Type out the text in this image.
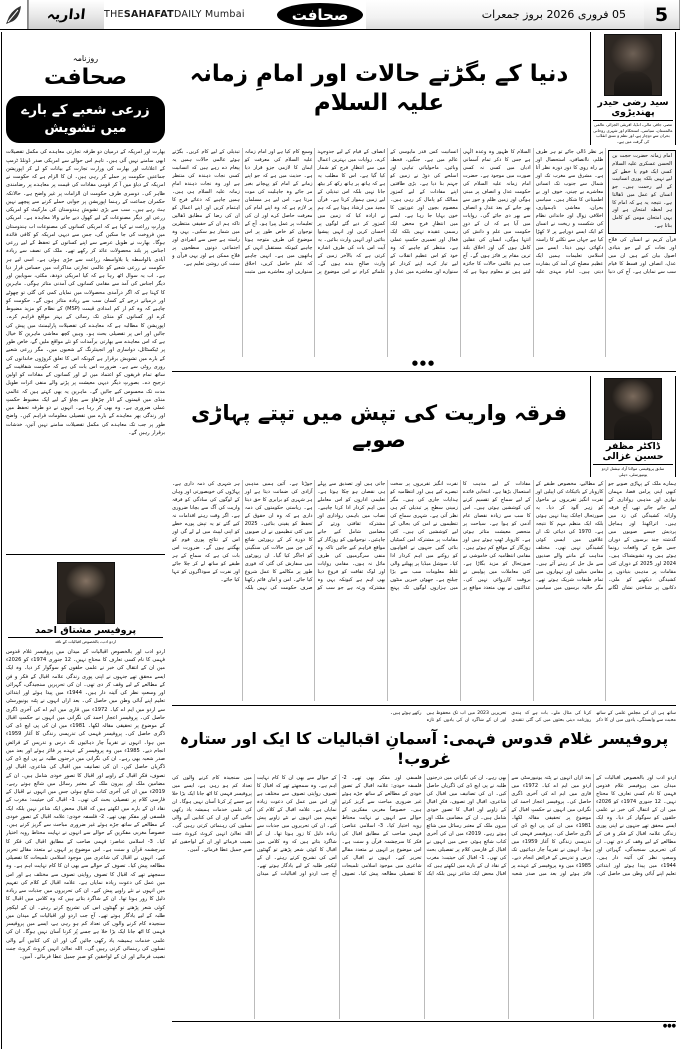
اداریہ THE SAHAFAT DAILY Mumbai	صحافت	05 فروری 2026 بروز جمعرات	5
سید رضی حیدر پھندیڑوی
مصر، جافر، مالی، انڈیا، افریقی الجزائر، عالمی عالمستان، سیاسی، استحکام اور شہری روحانی بحران سے دوچار ہے، اور نظم و نسق انقلاب کی گرفت میں ہے۔
دنیا کے بگڑتے حالات اور امامِ زمانہ علیہ السلام
امام زمانہ حضرت حجت بن الحسن عسکری علیہ السلام کسی ایک قوم یا خطے کے لیے نہیں بلکہ پوری انسانیت کے لیے رحمت ہیں۔ جو انسان کو عمل میں ڈھالتا ہے۔ نتیجہ یہ ہے کہ امام کا ہر لحظہ امتحان ہے اور یہی امتحان مومن کو کامل بناتا ہے۔
قرآن کریم نے انسان کی فلاح اور نجات کے لیے جو بنیادی اصول بیان کیے ہیں ان میں عدل، انصاف اور قسط کا قیام سب سے نمایاں ہے۔ آج کی دنیا پر نظر ڈالی جائے تو ہر طرف ظلم، ناانصافی، استحصال اور بے راہ روی کا دور دورہ نظر آتا ہے۔ مشرق سے مغرب تک اور شمال سے جنوب تک انسانی معاشرے بے چینی، خوف اور بے اطمینانی کا شکار ہیں۔ سیاسی بحران، معاشی ناہمواری، اخلاقی زوال اور خاندانی نظام کی شکست و ریخت نے انسان کو ایک ایسے دوراہے پر لا کھڑا کیا ہے جہاں سے نکلنے کا راستہ دکھائی نہیں دیتا۔ ایسے میں اسلامی تعلیمات ہمیں ایک عظیم مصلح کی آمد کی بشارت دیتی ہیں۔ امام مہدی علیہ السلام کا ظہور وہ وعدہ الٰہی ہے جس کا ذکر تمام آسمانی ادیان میں کسی نہ کسی صورت میں موجود ہے۔ حضرت امام زمانہ علیہ السلام کی حکومت عدل و انصاف پر مبنی ہوگی اور زمین ظلم و جور سے بھر جانے کے بعد عدل و انصاف سے بھر دی جائے گی۔ روایات میں آیا ہے کہ ان کے دورِ حکومت میں علم و دانش کی انتہا ہوگی، انسان کی عقلیں کامل ہوں گی اور اخلاق بلند ترین مقام پر فائز ہوں گے۔ آج جب ہم عالمی حالات کا جائزہ لیتے ہیں تو معلوم ہوتا ہے کہ انسانیت کس قدر مایوسی کے عالم میں ہے۔ جنگیں، قحط، وبائیں، ماحولیاتی تباہی اور اسلحے کی دوڑ نے زمین کو جہنم بنا دیا ہے۔ بڑی طاقتیں اپنے مفادات کے لیے کمزور ممالک کو پامال کر رہی ہیں۔ معصوم بچوں اور عورتوں کا خون بہایا جا رہا ہے۔ ایسے میں انتظارِ فرج محض ایک رسمی عقیدہ نہیں بلکہ ایک فعال اور تعمیری حکمتِ عملی ہے۔ منتظر کو چاہیے کہ وہ خود کو اس عظیم انقلاب کے لیے تیار کرے، اپنے کردار کو سنوارے اور معاشرے میں عدل و انصاف کے قیام کے لیے جدوجہد کرے۔ روایات میں بہترین اعمال میں سے انتظارِ فرج کو شمار کیا گیا ہے۔ اس کا مطلب یہ ہے کہ ہاتھ پر ہاتھ رکھ کر بیٹھ جانا نہیں بلکہ اس تبدیلی کے لیے زمین ہموار کرنا ہے۔ قرآن مجید میں ارشاد ہوتا ہے کہ ہم نے ارادہ کیا کہ زمین میں کمزور کر دیے گئے لوگوں پر احسان کریں اور انہیں پیشوا بنائیں اور انہیں وارث بنائیں۔ یہ آیت اس بات کی طرف اشارہ کرتی ہے کہ بالآخر زمین کے وارث صالح بندے ہوں گے۔ علمائے کرام نے اس موضوع پر وسیع کام کیا ہے اور امام زمانہ علیہ السلام کی معرفت کو ایمان کا لازمی جزو قرار دیا ہے۔ حدیث میں ہے کہ جو اپنے زمانے کے امام کو پہچانے بغیر مر جائے وہ جاہلیت کی موت مرتا ہے۔ اس لیے ہر مسلمان پر لازم ہے کہ وہ اپنے امام کی معرفت حاصل کرے اور ان کی تعلیمات پر عمل پیرا ہو۔ آج کے نوجوان کو خاص طور پر اس موضوع کی طرف متوجہ ہونا چاہیے کیونکہ مستقبل انہی کے ہاتھوں میں ہے۔ انہیں چاہیے کہ علم حاصل کریں، اخلاق سنواریں اور معاشرے میں مثبت تبدیلی کے لیے کام کریں۔ بگڑتے ہوئے عالمی حالات ہمیں یہ پیغام دے رہے ہیں کہ انسانیت کسی نجات دہندہ کی منتظر ہے اور وہ نجات دہندہ امامِ زمانہ علیہ السلام ہی ہیں۔ ہمیں چاہیے کہ دعائے فرج کا اہتمام کریں اور اپنے اعمال کو ان کی رضا کے مطابق ڈھالیں تاکہ ہم ان کے حقیقی منتظرین میں شمار ہو سکیں۔ یہی وہ راستہ ہے جس سے انفرادی اور اجتماعی دونوں سطحوں پر فلاح ممکن ہے اور یہی قرآن و سنت کی روشن تعلیم ہے۔
●●●
ڈاکٹر مظفر حسین غزالی
سابق پروفیسر، مولانا آزاد نیشنل اردو یونیورسٹی، دہلی
فرقہ واریت کی تپش میں تپتے پہاڑی صوبے
ہمارے ملک کے پہاڑی صوبے جو کبھی اپنی پرامن فضا، مہمان نوازی اور مذہبی رواداری کے لیے جانے جاتے تھے، آج فرقہ وارانہ کشیدگی کی زد میں ہیں۔ اتراکھنڈ اور ہماچل پردیش جیسے صوبوں میں گذشتہ چند برسوں کے دوران جس طرح کے واقعات رونما ہوئے ہیں وہ تشویشناک ہیں۔ 2024 اور 2025 کے دوران کئی مقامات پر مذہبی بنیادوں پر کشیدگی دیکھنے کو ملی۔ دکانوں پر شناختی نشان لگانے کے مطالبے، مخصوص طبقے کے کاروبار کے بائیکاٹ کی اپیلیں اور نفرت انگیز تقریروں نے ماحول کو زہر آلود کر دیا۔ یہ صورتحال اچانک پیدا نہیں ہوئی بلکہ ایک منظم مہم کا نتیجہ ہے۔ 1970 کی دہائی تک ان علاقوں میں ایسی کوئی کشیدگی نہیں تھی۔ مختلف مذاہب کے ماننے والے صدیوں سے مل جل کر رہتے آئے ہیں۔ مقامی میلوں اور تہواروں میں تمام طبقات شریک ہوتے تھے۔ مگر حالیہ برسوں میں سیاسی مفادات کے لیے مذہب کا استعمال بڑھا ہے۔ انتخابی فائدے کے لیے سماج کو تقسیم کرنے کی کوششیں ہوئی ہیں۔ اس کا سب سے زیادہ نقصان عام آدمی کو ہوا ہے۔ سیاحت پر منحصر معیشت متاثر ہوئی ہے۔ کاروبار ٹھپ ہوئے ہیں اور روزگار کے مواقع کم ہوئے ہیں۔ مقامی انتظامیہ کی خاموشی نے صورتحال کو مزید بگاڑا ہے۔ کئی معاملات میں پولیس نے بروقت کارروائی نہیں کی۔ عدالتوں نے بھی متعدد مواقع پر نفرت انگیز تقریروں پر سخت تبصرے کیے ہیں اور انتظامیہ کو ہدایات جاری کی ہیں۔ مگر زمینی سطح پر تبدیلی کم ہی نظر آتی ہے۔ شہری سماج کی تنظیموں نے امن کی بحالی کے لیے کوششیں کی ہیں۔ کئی مقامات پر مشترکہ امن کمیٹیاں بنائی گئیں جنہوں نے افواہوں کو روکنے میں اہم کردار ادا کیا۔ سوشل میڈیا پر پھیلنے والی غلط معلومات سب سے بڑا چیلنج ہے۔ جھوٹی خبریں منٹوں میں ہزاروں لوگوں تک پہنچ جاتی ہیں اور تصدیق سے پہلے ہی نقصان ہو چکا ہوتا ہے۔ تعلیمی اداروں کو اس معاملے میں اہم کردار ادا کرنا چاہیے۔ نصاب میں باہمی رواداری اور مشترکہ ثقافتی ورثے کے مضامین شامل کیے جانے چاہئیں۔ نوجوانوں کو روزگار کے مواقع فراہم کیے جائیں تاکہ وہ منفی سرگرمیوں کی طرف مائل نہ ہوں۔ مقامی روایات اور لوک ثقافت کو فروغ دینا بھی اہم ہے کیونکہ یہی وہ مشترکہ ورثہ ہے جو سب کو جوڑتا ہے۔ آئین ہمیں مذہبی آزادی کی ضمانت دیتا ہے اور ہر شہری کو برابری کا حق دیتا ہے۔ ریاستی حکومتوں کی ذمہ داری ہے کہ وہ ان حقوق کے تحفظ کو یقینی بنائیں۔ 2025 میں کئی تنظیموں نے ان صوبوں کا دورہ کر کے رپورٹیں شائع کیں جن میں حالات کی سنگینی کو اجاگر کیا گیا۔ ان رپورٹوں میں سفارش کی گئی کہ فوری طور پر مکالمے کا عمل شروع کیا جائے۔ امن و امان قائم رکھنا صرف حکومت کی نہیں بلکہ ہر شہری کی ذمہ داری ہے۔ پہاڑوں کی خوبصورتی اور وہاں کے لوگوں کی سادگی کو فرقہ واریت کی آگ سے بچانا ضروری ہے۔ اگر وقت رہتے اقدامات نہ کیے گئے تو یہ تپش پورے خطے کو اپنی لپیٹ میں لے لے گی اور اس کے نتائج پوری قوم کو بھگتنے ہوں گے۔ ضرورت اس بات کی ہے کہ سماج کے ہر طبقے کو ساتھ لے کر چلا جائے اور نفرت کے سوداگروں کو تنہا کیا جائے۔
ساتھ ہی ان کی مجلسِ علمی کے ساتھ محبت سے وابستگی، یادوں میں ان کا ذکر کرنا کی مثال ملے۔ بات ہے کہ ہندی روزنامہ دینی بحثوں میں کی گئی تنقیدی تحریریں 2023 میں اب تک محفوظ ہیں اور ان کے شاگرد ان کی یادوں کو تازہ رکھے ہوئے ہیں۔
پروفیسر غلام قدوس فہمی: آسمانِ اقبالیات کا ایک اور ستارہ غروب!
اردو ادب اور بالخصوص اقبالیات کے میدان میں پروفیسر غلام قدوس فہمی کا نام کسی تعارف کا محتاج نہیں۔ 12 جنوری 1974ء کو 2026ء میں ان کے انتقال کی خبر نے علمی حلقوں کو سوگوار کر دیا۔ وہ ایک ایسے محقق تھے جنہوں نے اپنی پوری زندگی علامہ اقبال کے فکر و فن کے مطالعے کے لیے وقف کر دی تھی۔ ان کی تحریریں سنجیدگی، گہرائی اور وسعتِ نظر کی آئینہ دار ہیں۔ 1944ء میں پیدا ہوئے اور ابتدائی تعلیم اپنے آبائی وطن میں حاصل کی۔ بعد ازاں انہوں نے پٹنہ یونیورسٹی سے اردو میں ایم اے کیا۔ 1972ء میں قاری میں ایم اے کی آخری ڈگری حاصل کی۔ پروفیسر اعجاز احمد کی نگرانی میں انہوں نے حکمتِ اقبال کے موضوع پر تحقیقی مقالہ لکھا۔ 1981ء میں ان کی پی ایچ ڈی کی ڈگری حاصل کی۔ پروفیسر فہمی کی تدریسی زندگی کا آغاز 1959ء میں ہوا۔ انہوں نے تقریباً چار دہائیوں تک درس و تدریس کے فرائض انجام دیے۔ 1985ء میں وہ پروفیسر کے عہدے پر فائز ہوئے اور بعد میں صدر شعبہ بھی رہے۔ ان کی نگرانی میں درجنوں طلبہ نے پی ایچ ڈی کی ڈگریاں حاصل کیں۔ ان کی تصانیف میں اقبال کی شاعری، اقبال اور تصوف، فکرِ اقبال کے زاویے اور اقبال کا تصورِ خودی شامل ہیں۔ ان کے مضامین ملک اور بیرون ملک کے معتبر رسائل میں شائع ہوتے رہے۔ 2019ء میں ان کی آخری کتاب شائع ہوئی جس میں انہوں نے اقبال کے فارسی کلام پر تفصیلی بحث کی تھی۔ 1- اقبال کی حیثیت: مغرب کے نقاد ان کے بارے میں لکھتے ہیں کہ اقبال محض ایک شاعر نہیں بلکہ ایک فلسفی اور مفکر بھی تھے۔ 2- فلسفہ خودی: علامہ اقبال کے تصورِ خودی کے مطالعے کے ساتھ جڑے ہوئے غیر ضروری مباحث سے گریز کرتے ہیں۔ خصوصاً مغربی مفکرین کے حوالے سے انہوں نے نہایت محتاط رویہ اختیار کیا۔ 3- اسلامی عناصر: فہمی صاحب کے مطابق اقبال کی فکر کا سرچشمہ قرآن و سنت ہے۔ اس موضوع پر انہوں نے متعدد مقالے تحریر کیے۔ انہوں نے اقبال کی شاعری میں موجود اسلامی تلمیحات کا تفصیلی مطالعہ پیش کیا۔ تصوف کے حوالے سے بھی ان کا کام نہایت اہم ہے۔ وہ سمجھتے تھے کہ اقبال کا تصوف روایتی تصوف سے مختلف ہے اور اس میں عمل کی دعوت زیادہ نمایاں ہے۔ علامہ اقبال کے کلام کی تفہیم میں انہوں نے نئے زاویے پیش کیے۔ ان کی تحریروں میں جذبات سے زیادہ دلیل کا زور ہوتا تھا۔ ان کے شاگرد بتاتے ہیں کہ وہ کلاس میں اقبال کا کوئی شعر پڑھتے تو گھنٹوں اس کی تشریح کرتے رہتے۔ ان کے لیکچر طلبہ کے لیے یادگار ہوتے تھے۔ آج جب اردو اور اقبالیات کے میدان میں سنجیدہ کام کرنے والوں کی تعداد کم ہو رہی ہے، ایسے میں پروفیسر فہمی کا اٹھ جانا ایک بڑا خلا ہے جسے پُر کرنا آسان نہیں ہوگا۔ ان کی علمی خدمات ہمیشہ یاد رکھی جائیں گی اور ان کی کتابیں آنے والی نسلوں کی رہنمائی کرتی رہیں گی۔ اللہ تعالیٰ انہیں کروٹ کروٹ جنت نصیب فرمائے اور ان کے لواحقین کو صبرِ جمیل عطا فرمائے۔ آمین۔
●●●
روزنامہ
صحافت
زرعی شعبے کے بارے میں تشویش
بھارت اور امریکہ کے درمیان دو طرفہ تجارتی معاہدے کی مکمل تفصیلات ابھی سامنے نہیں آئی ہیں۔ تاہم اس حوالے سے امریکی صدر ڈونلڈ ٹرمپ کے اعلانات اور بھارت کی وزارت تجارت کے بیانات کو لے کر اپوزیشن جماعتیں حکومت پر حملے کر رہی ہیں۔ ان کا الزام ہے کہ حکومت نے امریکہ کے دباؤ میں آ کر قومی مفادات کی قیمت پر معاہدے پر رضامندی ظاہر کی۔ دوسری طرف حکومت ان الزامات پر غیر واضح ہے۔ حالانکہ حکمران جماعت کے رہنما اپوزیشن پر جوابی حملے کرنے سے پیچھے نہیں ہٹ رہے ہیں۔ سب سے بڑی تشویش ہندوستان کی مارکیٹ کو امریکی زرعی اور دیگر مصنوعات کے لیے کھول دیے جانے والا معاہدہ ہے۔ امریکی وزارتِ زراعت نے کہا ہے کہ امریکی کسانوں کی مصنوعات اب ہندوستان میں فروخت کی جا سکیں گی، جس سے دیہی امریکہ کو کافی فائدہ ہوگا۔ بھارت نے طویل عرصے سے اپنے کسانوں کے تحفظ کے لیے زرعی اجناس پر بلند محصولات عائد کر رکھے تھے۔ ملک کی نصف سے زیادہ آبادی بالواسطہ یا بلاواسطہ زراعت سے جڑی ہوئی ہے۔ اسی لیے ہر حکومت نے زرعی شعبے کو عالمی تجارتی مذاکرات میں حساس قرار دیا ہے۔ اب یہ سوال اٹھ رہا ہے کہ کیا امریکی دودھ، مکئی، سویابین اور دیگر اجناس کی آمد سے مقامی کسانوں کی آمدنی متاثر ہوگی۔ ماہرین کا کہنا ہے کہ اگر درآمدی محصولات میں نمایاں کمی کی گئی تو چھوٹے اور درمیانے درجے کے کسان سب سے زیادہ متاثر ہوں گے۔ حکومت کو چاہیے کہ وہ کم از کم امدادی قیمت (MSP) کے نظام کو مزید مضبوط کرے اور کسانوں کو منڈی تک رسائی کے بہتر مواقع فراہم کرے۔ اپوزیشن کا مطالبہ ہے کہ معاہدے کی تفصیلات پارلیمنٹ میں پیش کی جائیں اور اس پر تفصیلی بحث ہو۔ وہیں کچھ معاشی ماہرین کا خیال ہے کہ اس معاہدے سے بھارتی برآمدات کو نئے مواقع ملیں گے، خاص طور پر ٹیکسٹائل، دواسازی اور انجینئرنگ کے شعبوں میں۔ مگر زرعی شعبے کے بارے میں تشویش برقرار ہے کیونکہ اس کا تعلق کروڑوں خاندانوں کی روزی روٹی سے ہے۔ ضرورت اس بات کی ہے کہ حکومت شفافیت کے ساتھ تمام فریقوں کو اعتماد میں لے اور کسانوں کے مفادات کو اولین ترجیح دے۔ بصورتِ دیگر دیہی معیشت پر پڑنے والے منفی اثرات طویل مدت تک محسوس کیے جائیں گے۔ ماہرین یہ بھی کہتے ہیں کہ عالمی منڈی میں قیمتوں کے اتار چڑھاؤ سے بچاؤ کے لیے ایک مضبوط حکمتِ عملی ضروری ہے۔ وہ بھی کر رہا ہے۔ انہوں نے دو طرفہ تحفظ میں اور زندگی بھر معاہدے کے بارے میں تفصیلی معلومات فراہم کیں۔ واضح طور پر جب تک معاہدے کی مکمل تفصیلات سامنے نہیں آتیں، خدشات برقرار رہیں گے۔
پروفیسر مشتاق احمد
اردو ادب، بالخصوص اقبالیات کے ناقد
اردو ادب اور بالخصوص اقبالیات کے میدان میں پروفیسر غلام قدوس فہمی کا نام کسی تعارف کا محتاج نہیں۔ 12 جنوری 1974ء کو 2026ء میں ان کے انتقال کی خبر نے علمی حلقوں کو سوگوار کر دیا۔ وہ ایک ایسے محقق تھے جنہوں نے اپنی پوری زندگی علامہ اقبال کے فکر و فن کے مطالعے کے لیے وقف کر دی تھی۔ ان کی تحریریں سنجیدگی، گہرائی اور وسعتِ نظر کی آئینہ دار ہیں۔ 1944ء میں پیدا ہوئے اور ابتدائی تعلیم اپنے آبائی وطن میں حاصل کی۔ بعد ازاں انہوں نے پٹنہ یونیورسٹی سے اردو میں ایم اے کیا۔ 1972ء میں قاری میں ایم اے کی آخری ڈگری حاصل کی۔ پروفیسر اعجاز احمد کی نگرانی میں انہوں نے حکمتِ اقبال کے موضوع پر تحقیقی مقالہ لکھا۔ 1981ء میں ان کی پی ایچ ڈی کی ڈگری حاصل کی۔ پروفیسر فہمی کی تدریسی زندگی کا آغاز 1959ء میں ہوا۔ انہوں نے تقریباً چار دہائیوں تک درس و تدریس کے فرائض انجام دیے۔ 1985ء میں وہ پروفیسر کے عہدے پر فائز ہوئے اور بعد میں صدر شعبہ بھی رہے۔ ان کی نگرانی میں درجنوں طلبہ نے پی ایچ ڈی کی ڈگریاں حاصل کیں۔ ان کی تصانیف میں اقبال کی شاعری، اقبال اور تصوف، فکرِ اقبال کے زاویے اور اقبال کا تصورِ خودی شامل ہیں۔ ان کے مضامین ملک اور بیرون ملک کے معتبر رسائل میں شائع ہوتے رہے۔ 2019ء میں ان کی آخری کتاب شائع ہوئی جس میں انہوں نے اقبال کے فارسی کلام پر تفصیلی بحث کی تھی۔ 1- اقبال کی حیثیت: مغرب کے نقاد ان کے بارے میں لکھتے ہیں کہ اقبال محض ایک شاعر نہیں بلکہ ایک فلسفی اور مفکر بھی تھے۔ 2- فلسفہ خودی: علامہ اقبال کے تصورِ خودی کے مطالعے کے ساتھ جڑے ہوئے غیر ضروری مباحث سے گریز کرتے ہیں۔ خصوصاً مغربی مفکرین کے حوالے سے انہوں نے نہایت محتاط رویہ اختیار کیا۔ 3- اسلامی عناصر: فہمی صاحب کے مطابق اقبال کی فکر کا سرچشمہ قرآن و سنت ہے۔ اس موضوع پر انہوں نے متعدد مقالے تحریر کیے۔ انہوں نے اقبال کی شاعری میں موجود اسلامی تلمیحات کا تفصیلی مطالعہ پیش کیا۔ تصوف کے حوالے سے بھی ان کا کام نہایت اہم ہے۔ وہ سمجھتے تھے کہ اقبال کا تصوف روایتی تصوف سے مختلف ہے اور اس میں عمل کی دعوت زیادہ نمایاں ہے۔ علامہ اقبال کے کلام کی تفہیم میں انہوں نے نئے زاویے پیش کیے۔ ان کی تحریروں میں جذبات سے زیادہ دلیل کا زور ہوتا تھا۔ ان کے شاگرد بتاتے ہیں کہ وہ کلاس میں اقبال کا کوئی شعر پڑھتے تو گھنٹوں اس کی تشریح کرتے رہتے۔ ان کے لیکچر طلبہ کے لیے یادگار ہوتے تھے۔ آج جب اردو اور اقبالیات کے میدان میں سنجیدہ کام کرنے والوں کی تعداد کم ہو رہی ہے، ایسے میں پروفیسر فہمی کا اٹھ جانا ایک بڑا خلا ہے جسے پُر کرنا آسان نہیں ہوگا۔ ان کی علمی خدمات ہمیشہ یاد رکھی جائیں گی اور ان کی کتابیں آنے والی نسلوں کی رہنمائی کرتی رہیں گی۔ اللہ تعالیٰ انہیں کروٹ کروٹ جنت نصیب فرمائے اور ان کے لواحقین کو صبرِ جمیل عطا فرمائے۔ آمین۔
